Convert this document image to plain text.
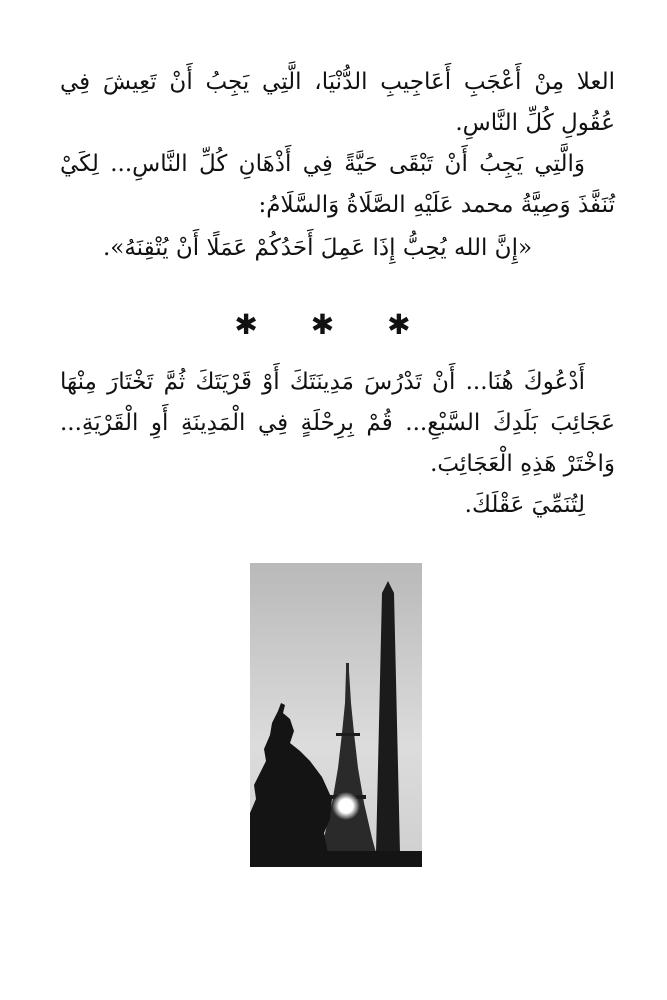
العلا مِنْ أَعْجَبِ أَعَاجِيبِ الدُّنْيَا، الَّتِي يَجِبُ أَنْ تَعِيشَ فِي عُقُولِ كُلِّ النَّاسِ.

وَالَّتِي يَجِبُ أَنْ تَبْقَى حَيَّةً فِي أَذْهَانِ كُلِّ النَّاسِ... لِكَيْ تُنَفَّذَ وَصِيَّةُ محمد عَلَيْهِ الصَّلَاةُ وَالسَّلَامُ:

«إِنَّ الله يُحِبُّ إِذَا عَمِلَ أَحَدُكُمْ عَمَلًا أَنْ يُتْقِنَهُ».

✱ ✱ ✱

أَدْعُوكَ هُنَا... أَنْ تَدْرُسَ مَدِينَتَكَ أَوْ قَرْيَتَكَ ثُمَّ تَخْتَارَ مِنْهَا عَجَائِبَ بَلَدِكَ السَّبْعِ... قُمْ بِرِحْلَةٍ فِي الْمَدِينَةِ أَوِ الْقَرْيَةِ... وَاخْتَرْ هَذِهِ الْعَجَائِبَ.

لِتُنَمِّيَ عَقْلَكَ.
